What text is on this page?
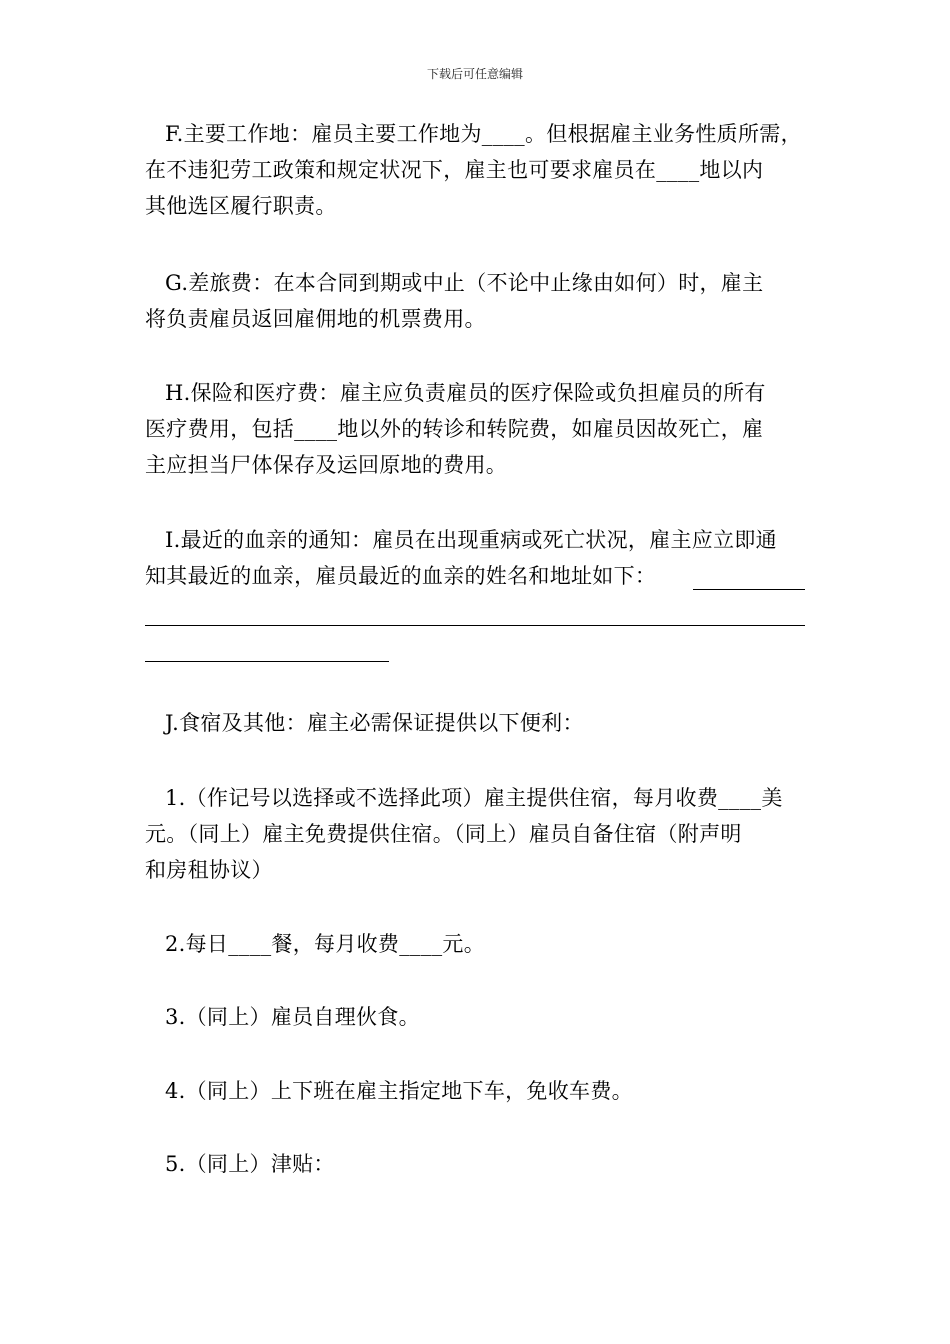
下载后可任意编辑
F.主要工作地：雇员主要工作地为____。但根据雇主业务性质所需，
在不违犯劳工政策和规定状况下，雇主也可要求雇员在____地以内
其他选区履行职责。
G.差旅费：在本合同到期或中止（不论中止缘由如何）时，雇主
将负责雇员返回雇佣地的机票费用。
H.保险和医疗费：雇主应负责雇员的医疗保险或负担雇员的所有
医疗费用，包括____地以外的转诊和转院费，如雇员因故死亡，雇
主应担当尸体保存及运回原地的费用。
I.最近的血亲的通知：雇员在出现重病或死亡状况，雇主应立即通
知其最近的血亲，雇员最近的血亲的姓名和地址如下：
J.食宿及其他：雇主必需保证提供以下便利：
1.（作记号以选择或不选择此项）雇主提供住宿，每月收费____美
元。（同上）雇主免费提供住宿。（同上）雇员自备住宿（附声明
和房租协议）
2.每日____餐，每月收费____元。
3.（同上）雇员自理伙食。
4.（同上）上下班在雇主指定地下车，免收车费。
5.（同上）津贴：
